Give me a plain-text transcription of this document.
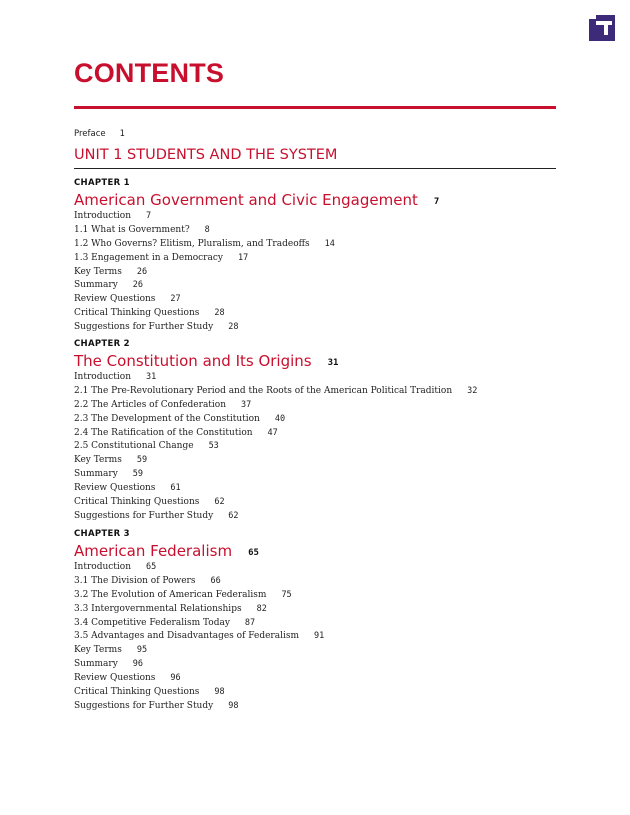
CONTENTS
Preface 1
UNIT 1 STUDENTS AND THE SYSTEM
CHAPTER 1
American Government and Civic Engagement 7
Introduction 7
1.1 What is Government? 8
1.2 Who Governs? Elitism, Pluralism, and Tradeoffs 14
1.3 Engagement in a Democracy 17
Key Terms 26
Summary 26
Review Questions 27
Critical Thinking Questions 28
Suggestions for Further Study 28
CHAPTER 2
The Constitution and Its Origins 31
Introduction 31
2.1 The Pre-Revolutionary Period and the Roots of the American Political Tradition 32
2.2 The Articles of Confederation 37
2.3 The Development of the Constitution 40
2.4 The Ratification of the Constitution 47
2.5 Constitutional Change 53
Key Terms 59
Summary 59
Review Questions 61
Critical Thinking Questions 62
Suggestions for Further Study 62
CHAPTER 3
American Federalism 65
Introduction 65
3.1 The Division of Powers 66
3.2 The Evolution of American Federalism 75
3.3 Intergovernmental Relationships 82
3.4 Competitive Federalism Today 87
3.5 Advantages and Disadvantages of Federalism 91
Key Terms 95
Summary 96
Review Questions 96
Critical Thinking Questions 98
Suggestions for Further Study 98
